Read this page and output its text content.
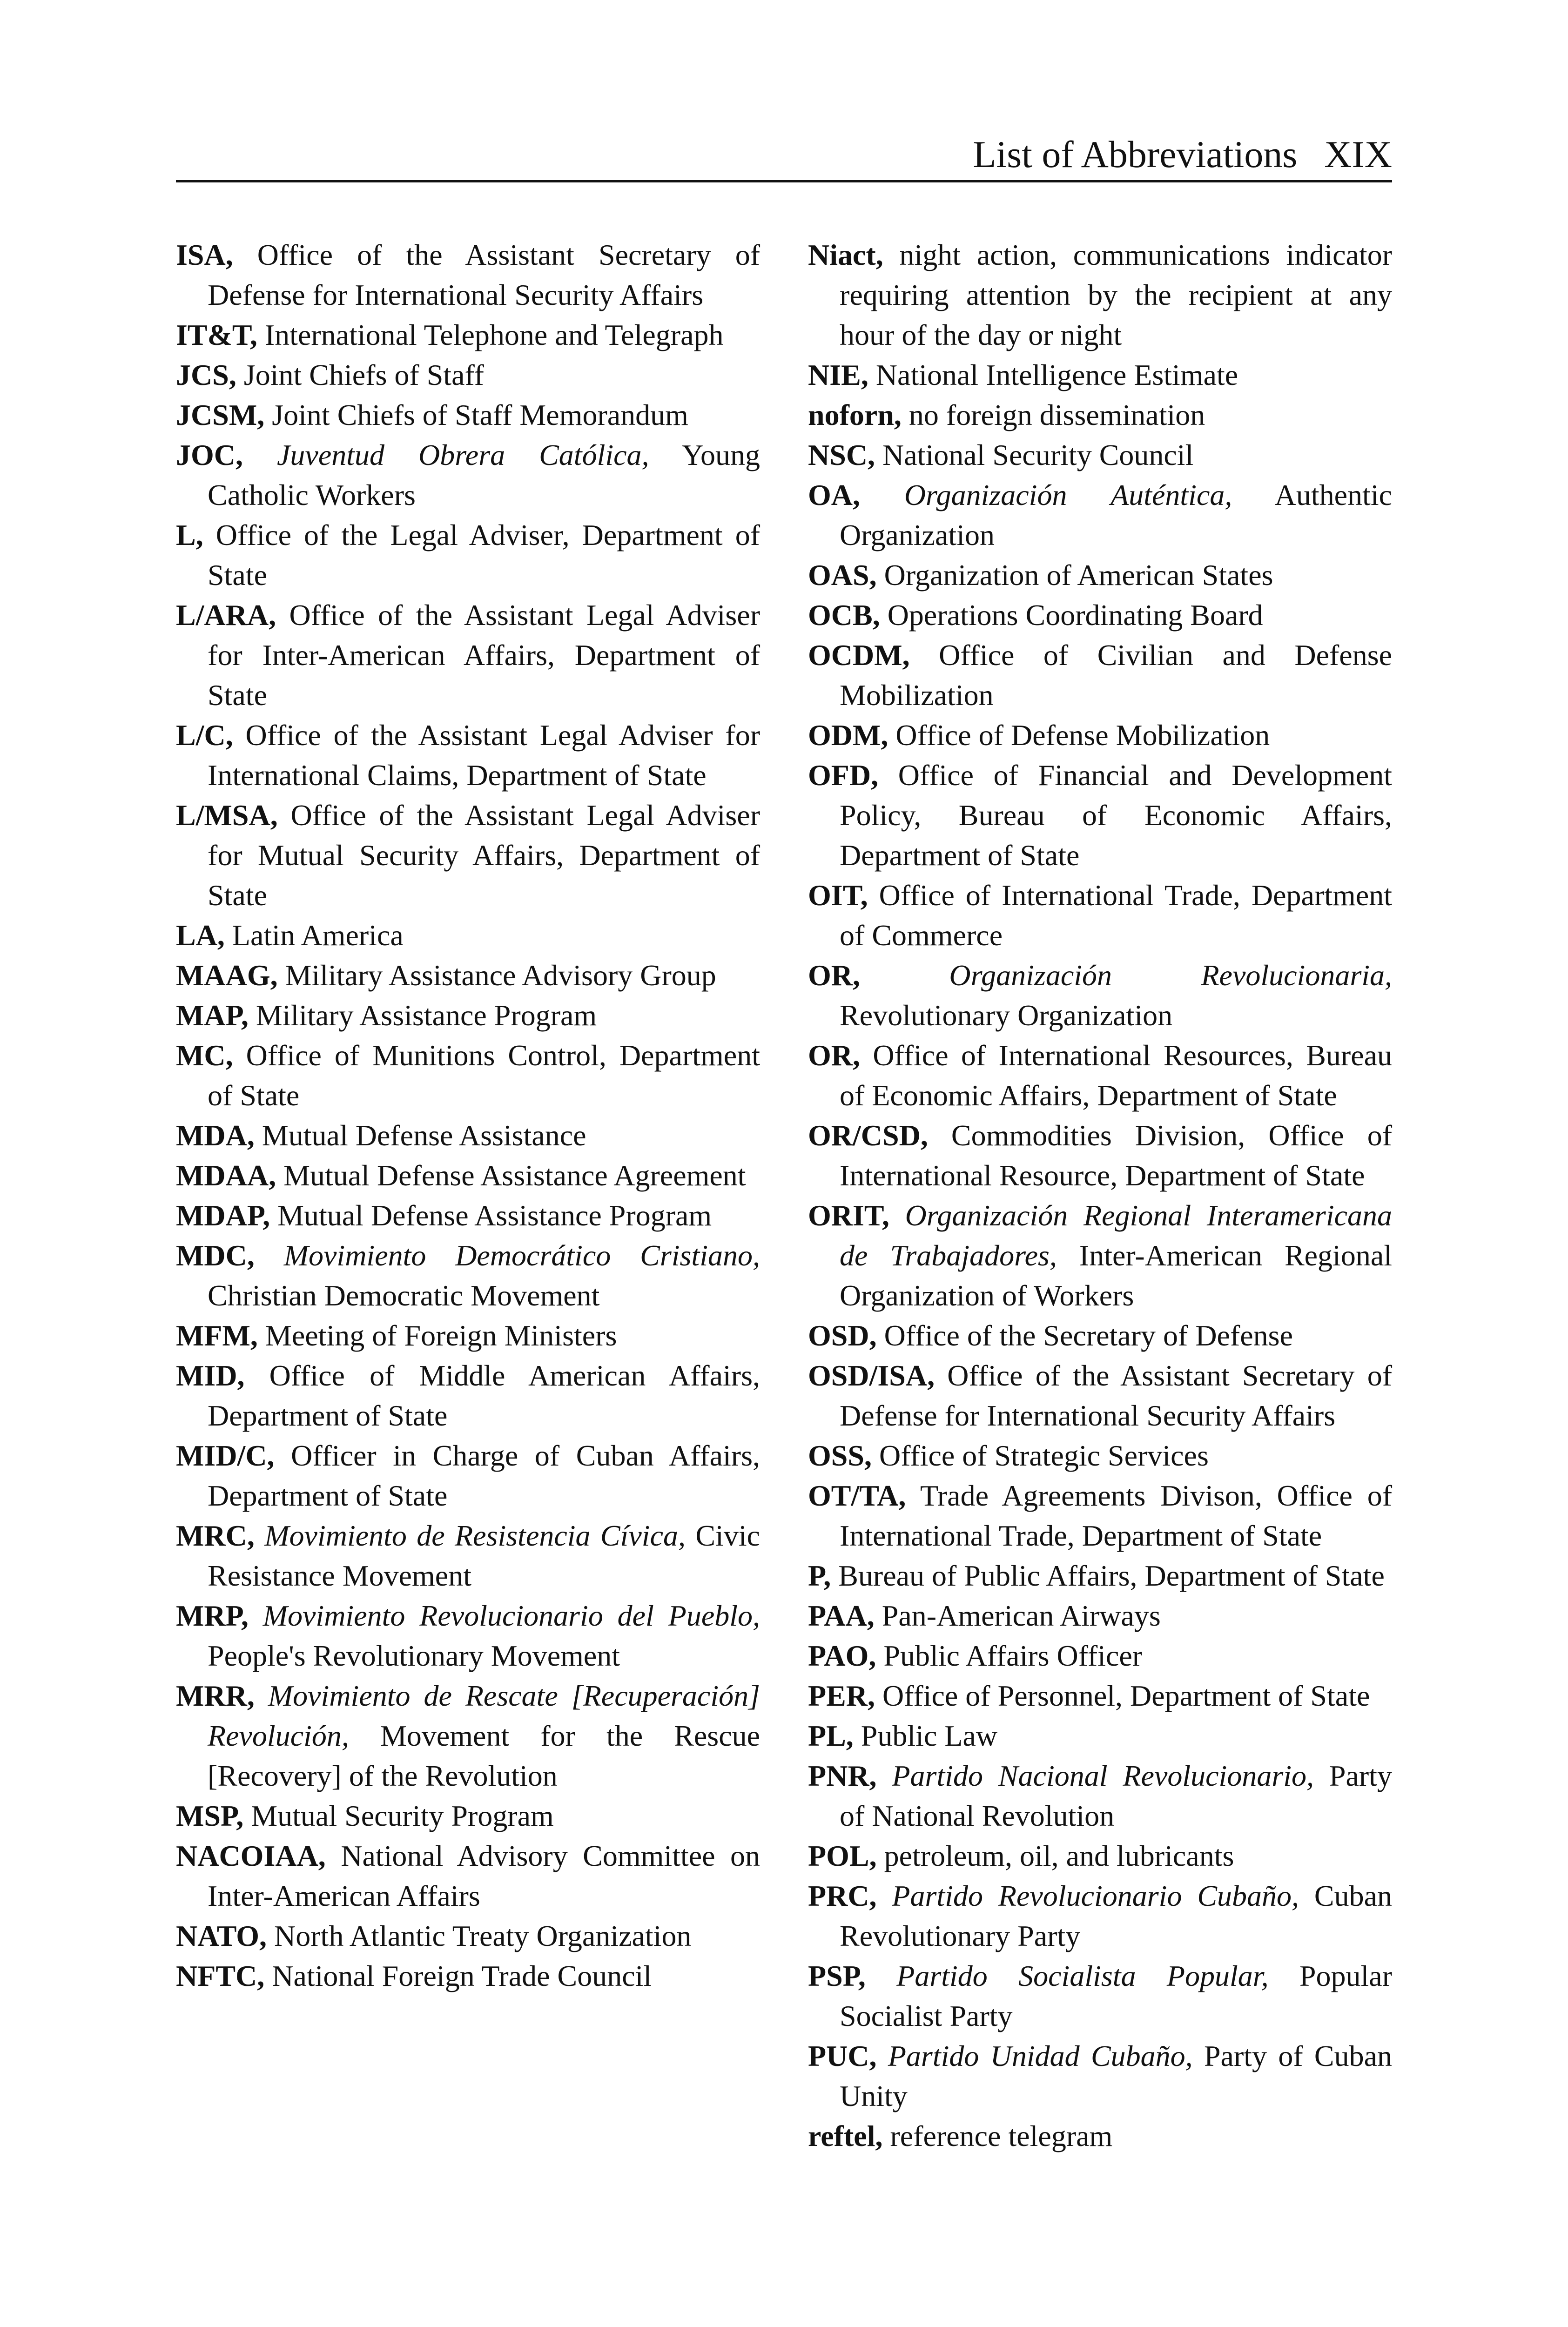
List of Abbreviations XIX

ISA, Office of the Assistant Secretary of Defense for International Security Affairs

IT&T, International Telephone and Telegraph

JCS, Joint Chiefs of Staff

JCSM, Joint Chiefs of Staff Memorandum

JOC, Juventud Obrera Católica, Young Catholic Workers

L, Office of the Legal Adviser, Department of State

L/ARA, Office of the Assistant Legal Adviser for Inter-American Affairs, Department of State

L/C, Office of the Assistant Legal Adviser for International Claims, Department of State

L/MSA, Office of the Assistant Legal Adviser for Mutual Security Affairs, Department of State

LA, Latin America

MAAG, Military Assistance Advisory Group

MAP, Military Assistance Program

MC, Office of Munitions Control, Department of State

MDA, Mutual Defense Assistance

MDAA, Mutual Defense Assistance Agreement

MDAP, Mutual Defense Assistance Program

MDC, Movimiento Democrático Cristiano, Christian Democratic Movement

MFM, Meeting of Foreign Ministers

MID, Office of Middle American Affairs, Department of State

MID/C, Officer in Charge of Cuban Affairs, Department of State

MRC, Movimiento de Resistencia Cívica, Civic Resistance Movement

MRP, Movimiento Revolucionario del Pueblo, People's Revolutionary Movement

MRR, Movimiento de Rescate [Recuperación] Revolución, Movement for the Rescue [Recovery] of the Revolution

MSP, Mutual Security Program

NACOIAA, National Advisory Committee on Inter-American Affairs

NATO, North Atlantic Treaty Organization

NFTC, National Foreign Trade Council

Niact, night action, communications indicator requiring attention by the recipient at any hour of the day or night

NIE, National Intelligence Estimate

noforn, no foreign dissemination

NSC, National Security Council

OA, Organización Auténtica, Authentic Organization

OAS, Organization of American States

OCB, Operations Coordinating Board

OCDM, Office of Civilian and Defense Mobilization

ODM, Office of Defense Mobilization

OFD, Office of Financial and Development Policy, Bureau of Economic Affairs, Department of State

OIT, Office of International Trade, Department of Commerce

OR,	Organización Revolucionaria, Revolutionary Organization

OR, Office of International Resources, Bureau of Economic Affairs, Department of State

OR/CSD, Commodities Division, Office of International Resource, Department of State

ORIT, Organización Regional Interamericana de Trabajadores, Inter-American Regional Organization of Workers

OSD, Office of the Secretary of Defense

OSD/ISA, Office of the Assistant Secretary of Defense for International Security Affairs

OSS, Office of Strategic Services

OT/TA, Trade Agreements Divison, Office of International Trade, Department of State

P, Bureau of Public Affairs, Department of State

PAA, Pan-American Airways

PAO, Public Affairs Officer

PER, Office of Personnel, Department of State

PL, Public Law

PNR, Partido Nacional Revolucionario, Party of National Revolution

POL, petroleum, oil, and lubricants

PRC, Partido Revolucionario Cubaño, Cuban Revolutionary Party

PSP, Partido Socialista Popular, Popular Socialist Party

PUC, Partido Unidad Cubaño, Party of Cuban Unity

reftel, reference telegram
